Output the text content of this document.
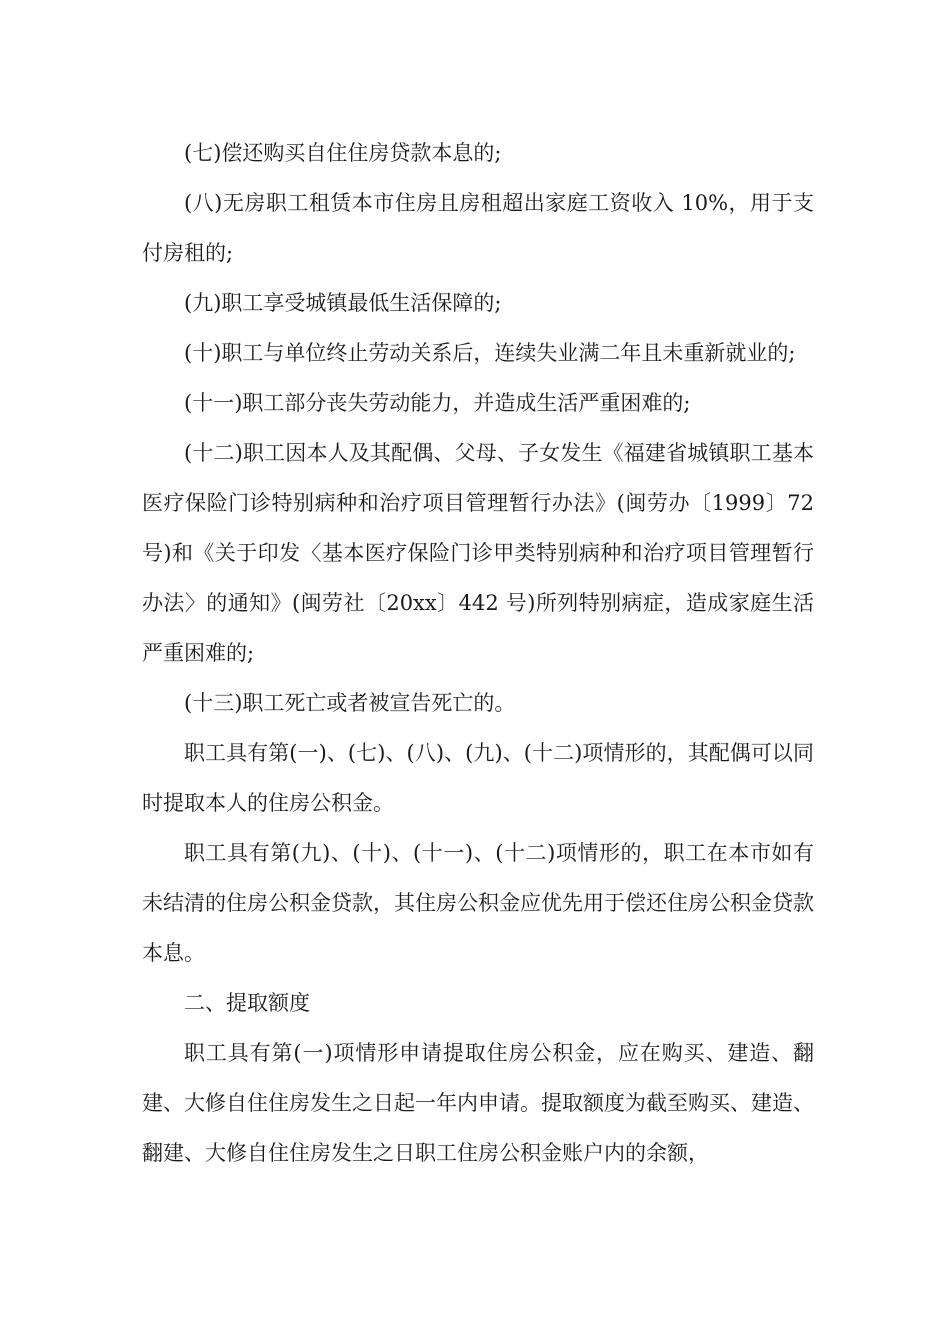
(七)偿还购买自住住房贷款本息的;

(八)无房职工租赁本市住房且房租超出家庭工资收入 10%，用于支付房租的;

(九)职工享受城镇最低生活保障的;

(十)职工与单位终止劳动关系后，连续失业满二年且未重新就业的;

(十一)职工部分丧失劳动能力，并造成生活严重困难的;

(十二)职工因本人及其配偶、父母、子女发生《福建省城镇职工基本医疗保险门诊特别病种和治疗项目管理暂行办法》(闽劳办〔1999〕72 号)和《关于印发〈基本医疗保险门诊甲类特别病种和治疗项目管理暂行办法〉的通知》(闽劳社〔20xx〕442 号)所列特别病症，造成家庭生活严重困难的;

(十三)职工死亡或者被宣告死亡的。

职工具有第(一)、(七)、(八)、(九)、(十二)项情形的，其配偶可以同时提取本人的住房公积金。

职工具有第(九)、(十)、(十一)、(十二)项情形的，职工在本市如有未结清的住房公积金贷款，其住房公积金应优先用于偿还住房公积金贷款本息。

二、提取额度

职工具有第(一)项情形申请提取住房公积金，应在购买、建造、翻建、大修自住住房发生之日起一年内申请。提取额度为截至购买、建造、翻建、大修自住住房发生之日职工住房公积金账户内的余额，
